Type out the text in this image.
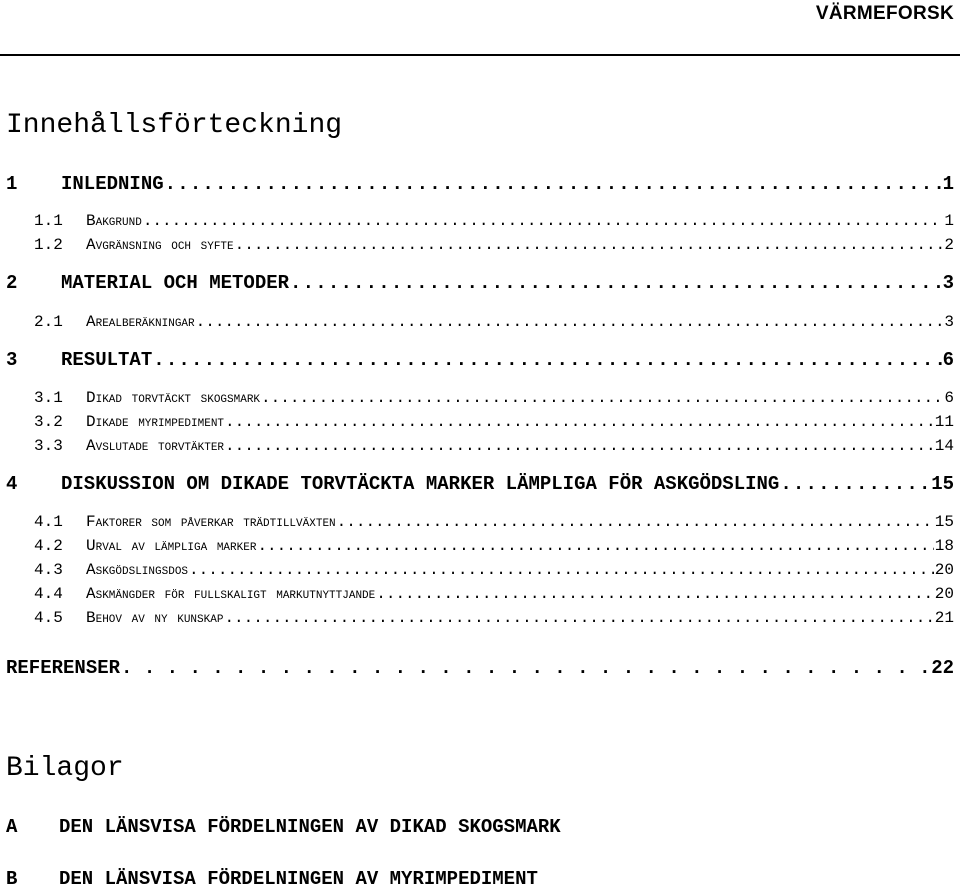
VÄRMEFORSK
Innehållsförteckning
1	INLEDNING .....	1
1.1	Bakgrund .....	1
1.2	Avgränsning och syfte .....	2
2	MATERIAL OCH METODER .....	3
2.1	Arealberäkningar .....	3
3	RESULTAT .....	6
3.1	Dikad torvtäckt skogsmark .....	6
3.2	Dikade myrimpediment .....	11
3.3	Avslutade torvtäkter .....	14
4	DISKUSSION OM DIKADE TORVTÄCKTA MARKER LÄMPLIGA FÖR ASKGÖDSLING .....	15
4.1	Faktorer som påverkar trädtillväxten .....	15
4.2	Urval av lämpliga marker .....	18
4.3	Askgödslingsdos .....	20
4.4	Askmängder för fullskaligt markutnyttjande .....	20
4.5	Behov av ny kunskap .....	21
REFERENSER . . .	22
Bilagor
A	DEN LÄNSVISA FÖRDELNINGEN AV DIKAD SKOGSMARK
B	DEN LÄNSVISA FÖRDELNINGEN AV MYRIMPEDIMENT
